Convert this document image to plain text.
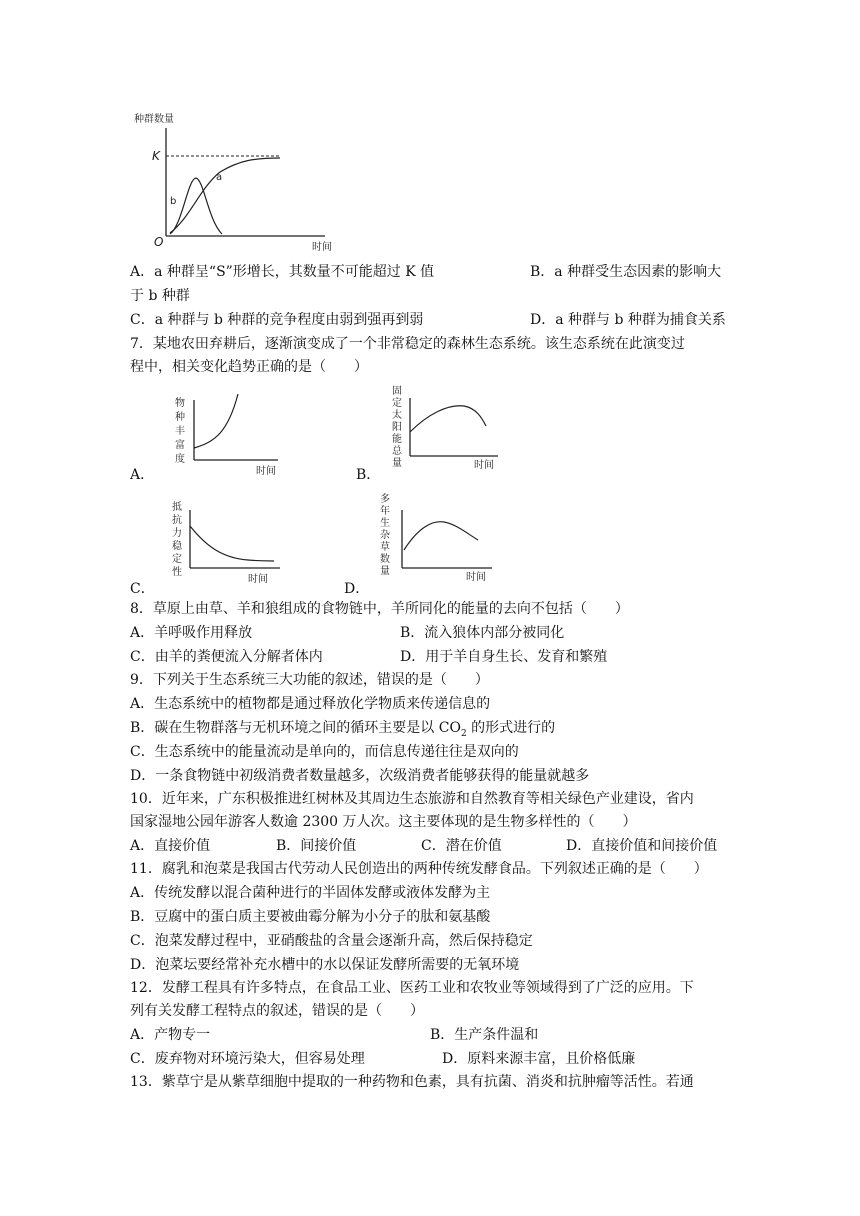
种群数量
K
O	时间
a
b
A．a 种群呈“S”形增长，其数量不可能超过 K 值	B．a 种群受生态因素的影响大
于 b 种群
C．a 种群与 b 种群的竞争程度由弱到强再到弱	D．a 种群与 b 种群为捕食关系
7．某地农田弃耕后，逐渐演变成了一个非常稳定的森林生态系统。该生态系统在此演变过
程中，相关变化趋势正确的是（　　）
A．
物
种
丰
富
度
时间	B．
固
定
太
阳
能
总
量	时间
C．
抵
抗
力
稳
定
性
时间
D．
多
年
生
杂
草
数
量
时间
8．草原上由草、羊和狼组成的食物链中，羊所同化的能量的去向不包括（　　）
A．羊呼吸作用释放	B．流入狼体内部分被同化
C．由羊的粪便流入分解者体内	D．用于羊自身生长、发育和繁殖
9．下列关于生态系统三大功能的叙述，错误的是（　　）
A．生态系统中的植物都是通过释放化学物质来传递信息的
B．碳在生物群落与无机环境之间的循环主要是以 $CO_2$ 的形式进行的
C．生态系统中的能量流动是单向的，而信息传递往往是双向的
D．一条食物链中初级消费者数量越多，次级消费者能够获得的能量就越多
10．近年来，广东积极推进红树林及其周边生态旅游和自然教育等相关绿色产业建设，省内
国家湿地公园年游客人数逾 2300 万人次。这主要体现的是生物多样性的（　　）
A．直接价值	B．间接价值	C．潜在价值	D．直接价值和间接价值
11．腐乳和泡菜是我国古代劳动人民创造出的两种传统发酵食品。下列叙述正确的是（　　）
A．传统发酵以混合菌种进行的半固体发酵或液体发酵为主
B．豆腐中的蛋白质主要被曲霉分解为小分子的肽和氨基酸
C．泡菜发酵过程中，亚硝酸盐的含量会逐渐升高，然后保持稳定
D．泡菜坛要经常补充水槽中的水以保证发酵所需要的无氧环境
12．发酵工程具有许多特点，在食品工业、医药工业和农牧业等领域得到了广泛的应用。下
列有关发酵工程特点的叙述，错误的是（　　）
A．产物专一	B．生产条件温和
C．废弃物对环境污染大，但容易处理	D．原料来源丰富，且价格低廉
13．紫草宁是从紫草细胞中提取的一种药物和色素，具有抗菌、消炎和抗肿瘤等活性。若通
